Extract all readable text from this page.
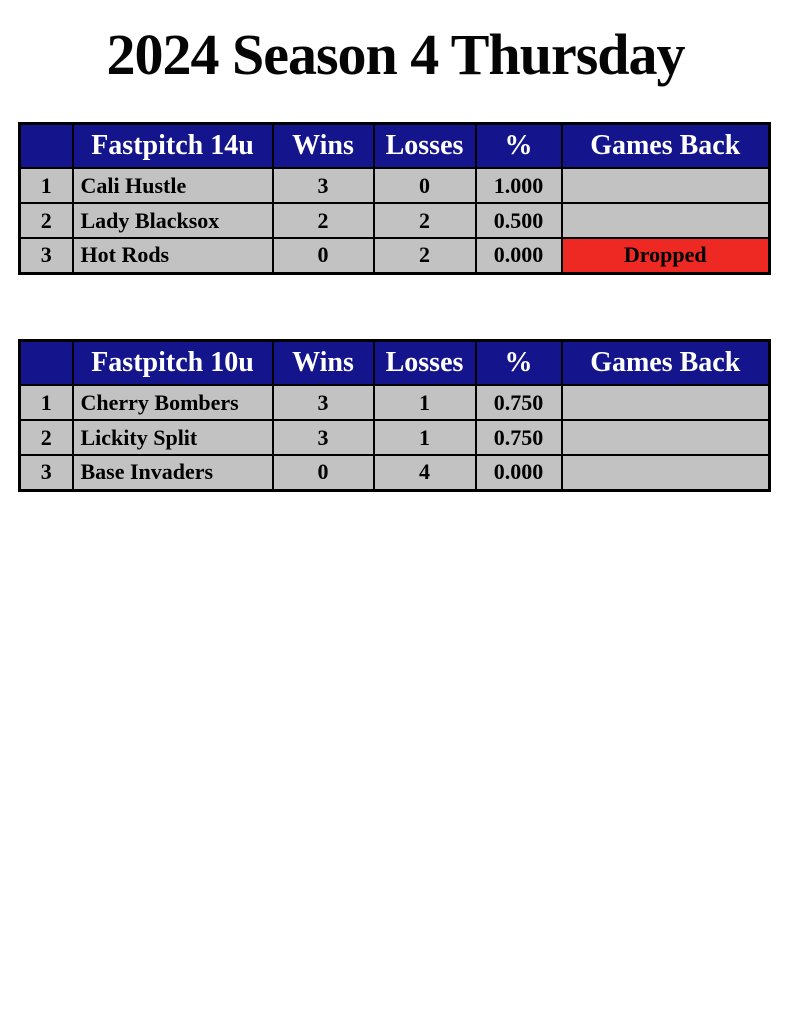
2024 Season 4 Thursday
	Fastpitch 14u	Wins	Losses	%	Games Back
1	Cali Hustle	3	0	1.000	
2	Lady Blacksox	2	2	0.500	
3	Hot Rods	0	2	0.000	Dropped
	Fastpitch 10u	Wins	Losses	%	Games Back
1	Cherry Bombers	3	1	0.750	
2	Lickity Split	3	1	0.750	
3	Base Invaders	0	4	0.000	
